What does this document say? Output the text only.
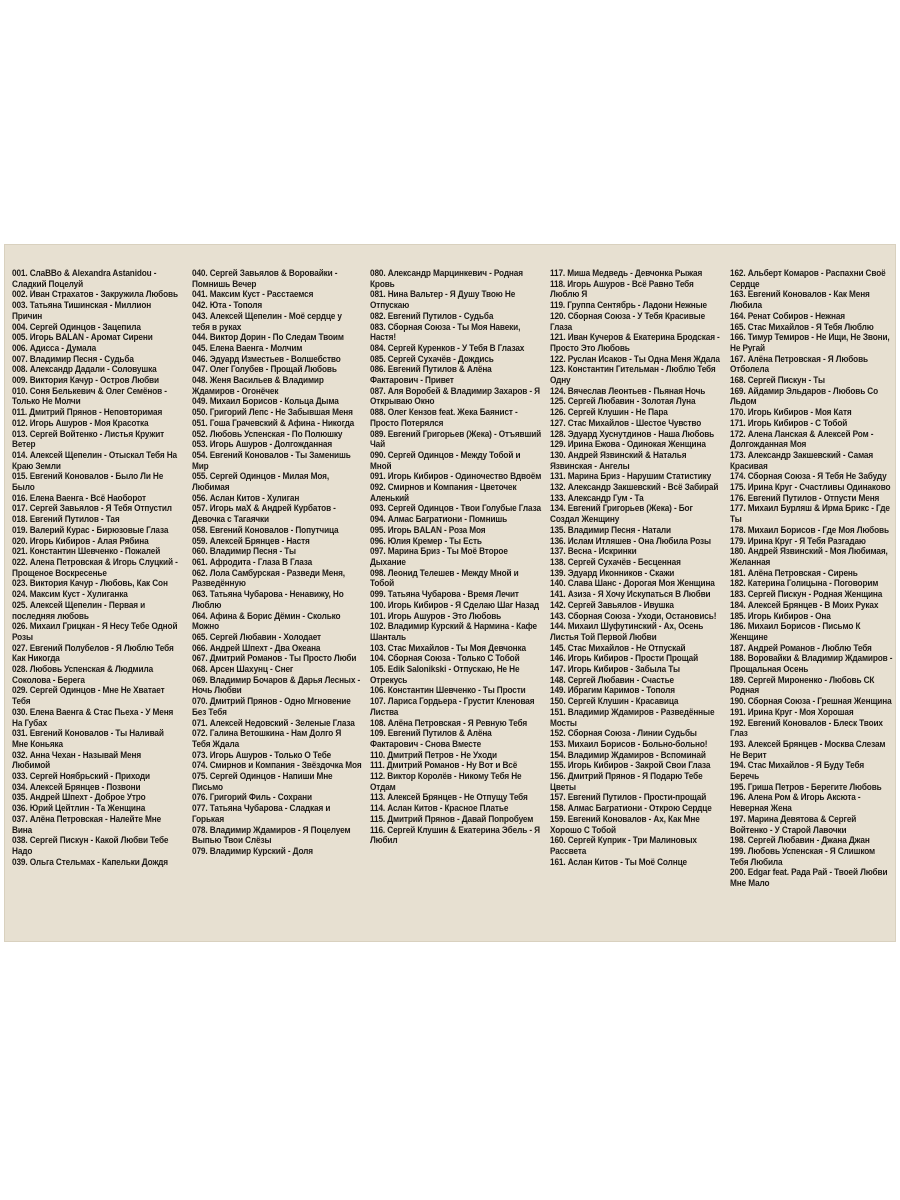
001. СлаВВо & Alexandra Astanidou - Сладкий Поцелуй
002. Иван Страхатов - Закружила Любовь
003. Татьяна Тишинская - Миллион Причин
004. Сергей Одинцов - Зацепила
005. Игорь BALAN - Аромат Сирени
006. Адисса - Думала
007. Владимир Песня - Судьба
008. Александр Дадали - Соловушка
009. Виктория Качур - Остров Любви
010. Соня Белькевич & Олег Семёнов - Только Не Молчи
011. Дмитрий Прянов - Неповторимая
012. Игорь Ашуров - Моя Красотка
013. Сергей Войтенко - Листья Кружит Ветер
014. Алексей Щепелин - Отыскал Тебя На Краю Земли
015. Евгений Коновалов - Было Ли Не Было
016. Елена Ваенга - Всё Наоборот
017. Сергей Завьялов - Я Тебя Отпустил
018. Евгений Путилов - Тая
019. Валерий Курас - Бирюзовые Глаза
020. Игорь Кибиров - Алая Рябина
021. Константин Шевченко - Пожалей
022. Алена Петровская & Игорь Слуцкий - Прощеное Воскресенье
023. Виктория Качур - Любовь, Как Сон
024. Максим Куст - Хулиганка
025. Алексей Щепелин - Первая и последняя любовь
026. Михаил Грицкан - Я Несу Тебе Одной Розы
027. Евгений Полубелов - Я Люблю Тебя Как Никогда
028. Любовь Успенская & Людмила Соколова - Берега
029. Сергей Одинцов - Мне Не Хватает Тебя
030. Елена Ваенга & Стас Пьеха - У Меня На Губах
031. Евгений Коновалов - Ты Наливай Мне Коньяка
032. Анна Чехан - Называй Меня Любимой
033. Сергей Ноябрьский - Приходи
034. Алексей Брянцев - Позвони
035. Андрей Шпехт - Доброе Утро
036. Юрий Цейтлин - Та Женщина
037. Алёна Петровская - Налейте Мне Вина
038. Сергей Пискун - Какой Любви Тебе Надо
039. Ольга Стельмах - Капельки Дождя
040. Сергей Завьялов & Воровайки - Помнишь Вечер
041. Максим Куст - Расстаемся
042. Юта - Тополя
043. Алексей Щепелин - Моё сердце у тебя в руках
044. Виктор Дорин - По Следам Твоим
045. Елена Ваенга - Молчим
046. Эдуард Изместьев - Волшебство
047. Олег Голубев - Прощай Любовь
048. Женя Васильев & Владимир Ждамиров - Огонёчек
049. Михаил Борисов - Кольца Дыма
050. Григорий Лепс - Не Забывшая Меня
051. Гоша Грачевский & Афина - Никогда
052. Любовь Успенская - По Полюшку
053. Игорь Ашуров - Долгожданная
054. Евгений Коновалов - Ты Заменишь Мир
055. Сергей Одинцов - Милая Моя, Любимая
056. Аслан Китов - Хулиган
057. Игорь маХ & Андрей Курбатов - Девочка с Тагаячки
058. Евгений Коновалов - Попутчица
059. Алексей Брянцев - Настя
060. Владимир Песня - Ты
061. Афродита - Глаза В Глаза
062. Лола Самбурская - Разведи Меня, Разведённую
063. Татьяна Чубарова - Ненавижу, Но Люблю
064. Афина & Борис Дёмин - Сколько Можно
065. Сергей Любавин - Холодает
066. Андрей Шпехт - Два Океана
067. Дмитрий Романов - Ты Просто Люби
068. Арсен Шахунц - Снег
069. Владимир Бочаров & Дарья Лесных - Ночь Любви
070. Дмитрий Прянов - Одно Мгновение Без Тебя
071. Алексей Недовский - Зеленые Глаза
072. Галина Ветошкина - Нам Долго Я Тебя Ждала
073. Игорь Ашуров - Только О Тебе
074. Смирнов и Компания - Звёздочка Моя
075. Сергей Одинцов - Напиши Мне Письмо
076. Григорий Филь - Сохрани
077. Татьяна Чубарова - Сладкая и Горькая
078. Владимир Ждамиров - Я Поцелуем Выпью Твои Слёзы
079. Владимир Курский - Доля
080. Александр Марцинкевич - Родная Кровь
081. Нина Вальтер - Я Душу Твою Не Отпускаю
082. Евгений Путилов - Судьба
083. Сборная Союза - Ты Моя Навеки, Настя!
084. Сергей Куренков - У Тебя В Глазах
085. Сергей Сухачёв - Дождись
086. Евгений Путилов & Алёна Фактарович - Привет
087. Аля Воробей & Владимир Захаров - Я Открываю Окно
088. Олег Кензов feat. Жека Баянист - Просто Потерялся
089. Евгений Григорьев (Жека) - Отъявший Чай
090. Сергей Одинцов - Между Тобой и Мной
091. Игорь Кибиров - Одиночество Вдвоём
092. Смирнов и Компания - Цветочек Аленький
093. Сергей Одинцов - Твои Голубые Глаза
094. Алмас Багратиони - Помнишь
095. Игорь BALAN - Роза Моя
096. Юлия Кремер - Ты Есть
097. Марина Бриз - Ты Моё Второе Дыхание
098. Леонид Телешев - Между Мной и Тобой
099. Татьяна Чубарова - Время Лечит
100. Игорь Кибиров - Я Сделаю Шаг Назад
101. Игорь Ашуров - Это Любовь
102. Владимир Курский & Нармина - Кафе Шанталь
103. Стас Михайлов - Ты Моя Девчонка
104. Сборная Союза - Только С Тобой
105. Edik Salonikski - Отпускаю, Не Не Отрекусь
106. Константин Шевченко - Ты Прости
107. Лариса Гордьера - Грустит Кленовая Листва
108. Алёна Петровская - Я Ревную Тебя
109. Евгений Путилов & Алёна Фактарович - Снова Вместе
110. Дмитрий Петров - Не Уходи
111. Дмитрий Романов - Ну Вот и Всё
112. Виктор Королёв - Никому Тебя Не Отдам
113. Алексей Брянцев - Не Отпущу Тебя
114. Аслан Китов - Красное Платье
115. Дмитрий Прянов - Давай Попробуем
116. Сергей Клушин & Екатерина Эбель - Я Любил
117. Миша Медведь - Девчонка Рыжая
118. Игорь Ашуров - Всё Равно Тебя Люблю Я
119. Группа Сентябрь - Ладони Нежные
120. Сборная Союза - У Тебя Красивые Глаза
121. Иван Кучеров & Екатерина Бродская - Просто Это Любовь
122. Руслан Исаков - Ты Одна Меня Ждала
123. Константин Гительман - Люблю Тебя Одну
124. Вячеслав Леонтьев - Пьяная Ночь
125. Сергей Любавин - Золотая Луна
126. Сергей Клушин - Не Пара
127. Стас Михайлов - Шестое Чувство
128. Эдуард Хуснутдинов - Наша Любовь
129. Ирина Ежова - Одинокая Женщина
130. Андрей Язвинский & Наталья Язвинская - Ангелы
131. Марина Бриз - Нарушим Статистику
132. Александр Закшевский - Всё Забирай
133. Александр Гум - Та
134. Евгений Григорьев (Жека) - Бог Создал Женщину
135. Владимир Песня - Натали
136. Ислам Итляшев - Она Любила Розы
137. Весна - Искринки
138. Сергей Сухачёв - Бесценная
139. Эдуард Иконников - Скажи
140. Слава Шанс - Дорогая Моя Женщина
141. Азиза - Я Хочу Искупаться В Любви
142. Сергей Завьялов - Ивушка
143. Сборная Союза - Уходи, Остановись!
144. Михаил Шуфутинский - Ах, Осень Листья Той Первой Любви
145. Стас Михайлов - Не Отпускай
146. Игорь Кибиров - Прости Прощай
147. Игорь Кибиров - Забыла Ты
148. Сергей Любавин - Счастье
149. Ибрагим Каримов - Тополя
150. Сергей Клушин - Красавица
151. Владимир Ждамиров - Разведённые Мосты
152. Сборная Союза - Линии Судьбы
153. Михаил Борисов - Больно-больно!
154. Владимир Ждамиров - Вспоминай
155. Игорь Кибиров - Закрой Свои Глаза
156. Дмитрий Прянов - Я Подарю Тебе Цветы
157. Евгений Путилов - Прости-прощай
158. Алмас Багратиони - Открою Сердце
159. Евгений Коновалов - Ах, Как Мне Хорошо С Тобой
160. Сергей Куприк - Три Малиновых Рассвета
161. Аслан Китов - Ты Моё Солнце
162. Альберт Комаров - Распахни Своё Сердце
163. Евгений Коновалов - Как Меня Любила
164. Ренат Собиров - Нежная
165. Стас Михайлов - Я Тебя Люблю
166. Тимур Темиров - Не Ищи, Не Звони, Не Ругай
167. Алёна Петровская - Я Любовь Отболела
168. Сергей Пискун - Ты
169. Айдамир Эльдаров - Любовь Со Льдом
170. Игорь Кибиров - Моя Катя
171. Игорь Кибиров - С Тобой
172. Алена Ланская & Алексей Ром - Долгожданная Моя
173. Александр Закшевский - Самая Красивая
174. Сборная Союза - Я Тебя Не Забуду
175. Ирина Круг - Счастливы Одинаково
176. Евгений Путилов - Отпусти Меня
177. Михаил Бурляш & Ирма Брикс - Где Ты
178. Михаил Борисов - Где Моя Любовь
179. Ирина Круг - Я Тебя Разгадаю
180. Андрей Язвинский - Моя Любимая, Желанная
181. Алёна Петровская - Сирень
182. Катерина Голицына - Поговорим
183. Сергей Пискун - Родная Женщина
184. Алексей Брянцев - В Моих Руках
185. Игорь Кибиров - Она
186. Михаил Борисов - Письмо К Женщине
187. Андрей Романов - Люблю Тебя
188. Воровайки & Владимир Ждамиров - Прощальная Осень
189. Сергей Мироненко - Любовь СК Родная
190. Сборная Союза - Грешная Женщина
191. Ирина Круг - Моя Хорошая
192. Евгений Коновалов - Блеск Твоих Глаз
193. Алексей Брянцев - Москва Слезам Не Верит
194. Стас Михайлов - Я Буду Тебя Беречь
195. Гриша Петров - Берегите Любовь
196. Алена Ром & Игорь Аксюта - Неверная Жена
197. Марина Девятова & Сергей Войтенко - У Старой Лавочки
198. Сергей Любавин - Джана Джан
199. Любовь Успенская - Я Слишком Тебя Любила
200. Edgar feat. Рада Рай - Твоей Любви Мне Мало
